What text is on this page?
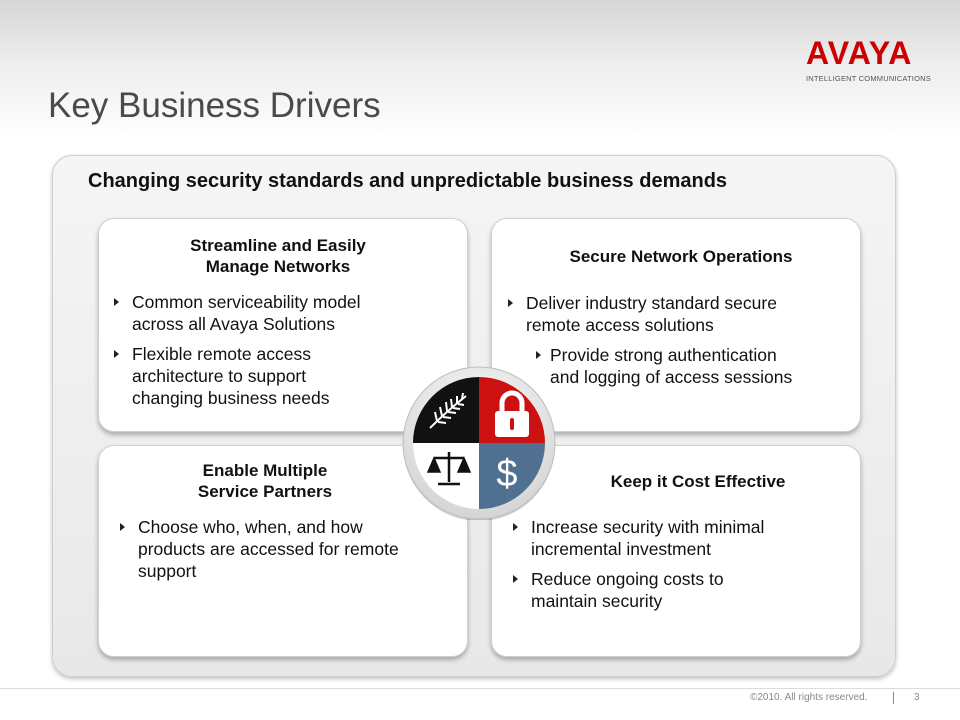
AVAYA
INTELLIGENT COMMUNICATIONS
Key Business Drivers
Changing security standards and unpredictable business demands
Streamline and Easily
Manage Networks
Common serviceability model across all Avaya Solutions
Flexible remote access architecture to support changing business needs
Secure Network Operations
Deliver industry standard secure remote access solutions
Provide strong authentication and logging of access sessions
Enable Multiple
Service Partners
Choose who, when, and how products are accessed for remote support
Keep it Cost Effective
Increase security with minimal incremental investment
Reduce ongoing costs to maintain security
$
©2010. All rights reserved.	3
